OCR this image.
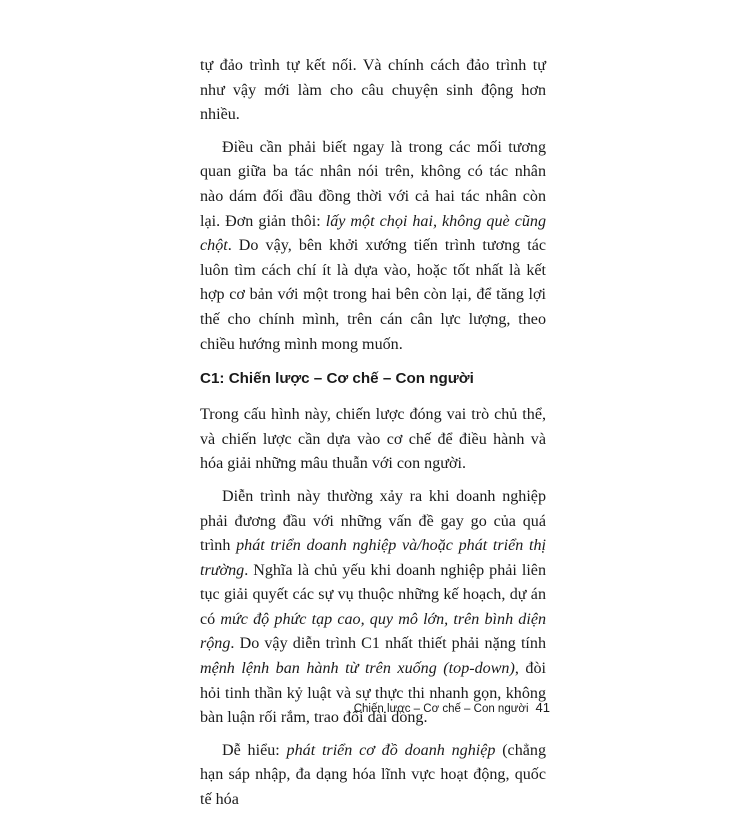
tự đảo trình tự kết nối. Và chính cách đảo trình tự như vậy mới làm cho câu chuyện sinh động hơn nhiều.

Điều cần phải biết ngay là trong các mối tương quan giữa ba tác nhân nói trên, không có tác nhân nào dám đối đầu đồng thời với cả hai tác nhân còn lại. Đơn giản thôi: lấy một chọi hai, không què cũng chột. Do vậy, bên khởi xướng tiến trình tương tác luôn tìm cách chí ít là dựa vào, hoặc tốt nhất là kết hợp cơ bản với một trong hai bên còn lại, để tăng lợi thế cho chính mình, trên cán cân lực lượng, theo chiều hướng mình mong muốn.

C1: Chiến lược – Cơ chế – Con người

Trong cấu hình này, chiến lược đóng vai trò chủ thể, và chiến lược cần dựa vào cơ chế để điều hành và hóa giải những mâu thuẫn với con người.

Diễn trình này thường xảy ra khi doanh nghiệp phải đương đầu với những vấn đề gay go của quá trình phát triển doanh nghiệp và/hoặc phát triển thị trường. Nghĩa là chủ yếu khi doanh nghiệp phải liên tục giải quyết các sự vụ thuộc những kế hoạch, dự án có mức độ phức tạp cao, quy mô lớn, trên bình diện rộng. Do vậy diễn trình C1 nhất thiết phải nặng tính mệnh lệnh ban hành từ trên xuống (top-down), đòi hỏi tinh thần kỷ luật và sự thực thi nhanh gọn, không bàn luận rối rắm, trao đổi dài dòng.

Dễ hiểu: phát triển cơ đồ doanh nghiệp (chẳng hạn sáp nhập, đa dạng hóa lĩnh vực hoạt động, quốc tế hóa

Chiến lược – Cơ chế – Con người 41
